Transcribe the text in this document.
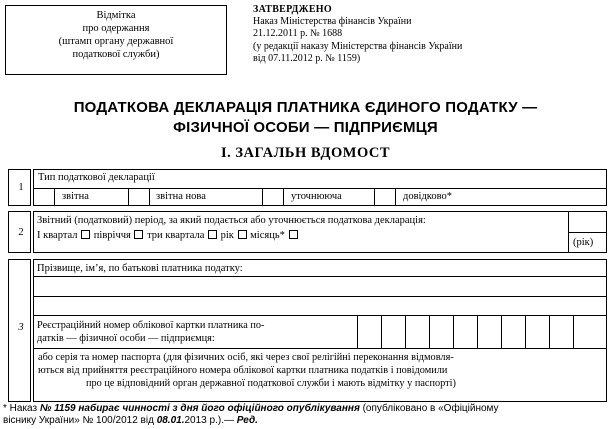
Відмітка
про одержання
(штамп органу державної
податкової служби)
ЗАТВЕРДЖЕНО
Наказ Міністерства фінансів України
21.12.2011 р. № 1688
(у редакції наказу Міністерства фінансів України
від 07.11.2012 р. № 1159)
ПОДАТКОВА ДЕКЛАРАЦІЯ ПЛАТНИКА ЄДИНОГО ПОДАТКУ —
ФІЗИЧНОЇ ОСОБИ — ПІДПРИЄМЦЯ
І. ЗАГАЛЬН ВДОМОСТ
1
Тип податкової декларації
звітна	звітна нова	уточнююча	довідково*
2
Звітний (податковий) період, за який подається або уточнюється податкова декларація:
І квартал півріччя три квартала рік місяць*
(рік)
3
Прізвище, ім’я, по батькові платника податку:
Реєстраційний номер облікової картки платника по-
датків — фізичної особи — підприємця:
або серія та номер паспорта (для фізичних осіб, які через свої релігійні переконання відмовля-
ються від прийняття реєстраційного номера облікової картки платника податків і повідомили
про це відповідний орган державної податкової служби і мають відмітку у паспорті)
* Наказ № 1159 набирає чинності з дня його офіційного опублікування (опубліковано в «Офіційному
віснику України» № 100/2012 від 08.01.2013 р.).— Ред.
